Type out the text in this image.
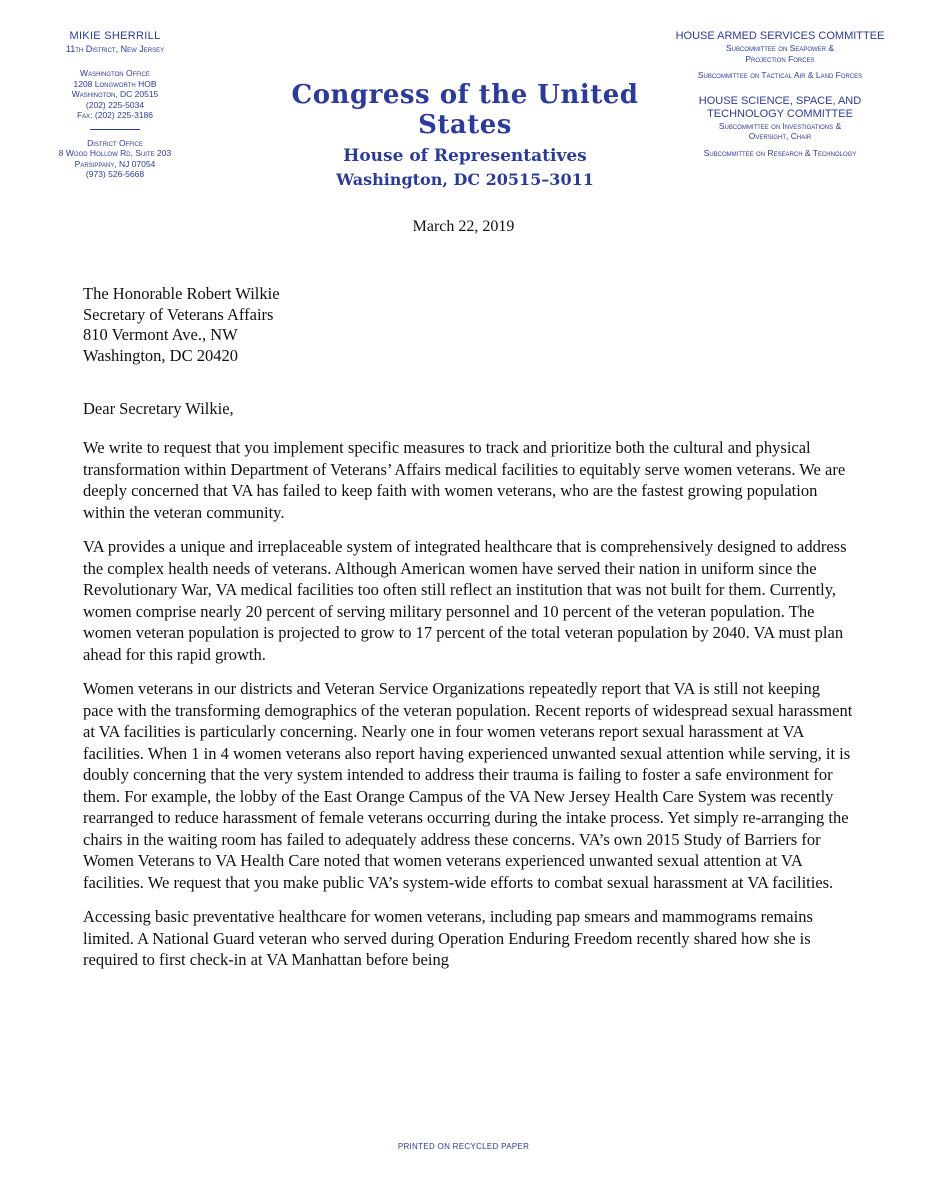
MIKIE SHERRILL
11th District, New Jersey
Washington Office
1208 Longworth HOB
Washington, DC 20515
(202) 225-5034
Fax: (202) 225-3186
District Office
8 Wood Hollow Rd, Suite 203
Parsippany, NJ 07054
(973) 526-5668
Congress of the United States
House of Representatives
Washington, DC 20515–3011
HOUSE ARMED SERVICES COMMITTEE
Subcommittee on Seapower &
Projection Forces
Subcommittee on Tactical Air & Land Forces
HOUSE SCIENCE, SPACE, AND
TECHNOLOGY COMMITTEE
Subcommittee on Investigations &
Oversight, Chair
Subcommittee on Research & Technology
March 22, 2019
The Honorable Robert Wilkie
Secretary of Veterans Affairs
810 Vermont Ave., NW
Washington, DC 20420
Dear Secretary Wilkie,

We write to request that you implement specific measures to track and prioritize both the cultural and physical transformation within Department of Veterans’ Affairs medical facilities to equitably serve women veterans. We are deeply concerned that VA has failed to keep faith with women veterans, who are the fastest growing population within the veteran community.

VA provides a unique and irreplaceable system of integrated healthcare that is comprehensively designed to address the complex health needs of veterans. Although American women have served their nation in uniform since the Revolutionary War, VA medical facilities too often still reflect an institution that was not built for them. Currently, women comprise nearly 20 percent of serving military personnel and 10 percent of the veteran population. The women veteran population is projected to grow to 17 percent of the total veteran population by 2040. VA must plan ahead for this rapid growth.

Women veterans in our districts and Veteran Service Organizations repeatedly report that VA is still not keeping pace with the transforming demographics of the veteran population. Recent reports of widespread sexual harassment at VA facilities is particularly concerning. Nearly one in four women veterans report sexual harassment at VA facilities. When 1 in 4 women veterans also report having experienced unwanted sexual attention while serving, it is doubly concerning that the very system intended to address their trauma is failing to foster a safe environment for them. For example, the lobby of the East Orange Campus of the VA New Jersey Health Care System was recently rearranged to reduce harassment of female veterans occurring during the intake process. Yet simply re-arranging the chairs in the waiting room has failed to adequately address these concerns. VA’s own 2015 Study of Barriers for Women Veterans to VA Health Care noted that women veterans experienced unwanted sexual attention at VA facilities. We request that you make public VA’s system-wide efforts to combat sexual harassment at VA facilities.

Accessing basic preventative healthcare for women veterans, including pap smears and mammograms remains limited. A National Guard veteran who served during Operation Enduring Freedom recently shared how she is required to first check-in at VA Manhattan before being

PRINTED ON RECYCLED PAPER
